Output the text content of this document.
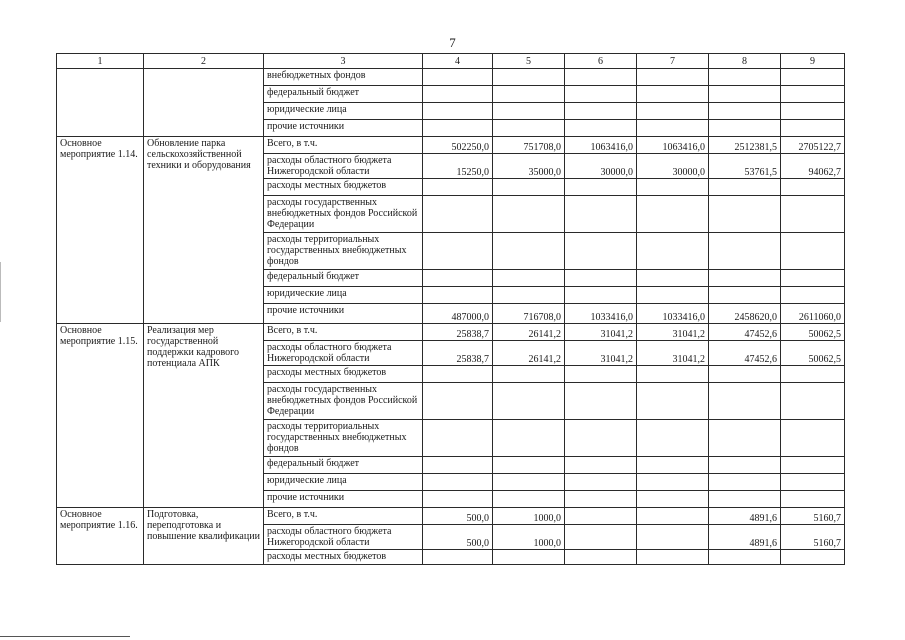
7
1	2	3	4	5	6	7	8	9
		внебюджетных фондов						
		федеральный бюджет						
		юридические лица						
		прочие источники						
Основное мероприятие 1.14.	Обновление парка сельскохозяйственной техники и оборудования	Всего, в т.ч.	502250,0	751708,0	1063416,0	1063416,0	2512381,5	2705122,7
		расходы областного бюджета Нижегородской области	15250,0	35000,0	30000,0	30000,0	53761,5	94062,7
		расходы местных бюджетов						
		расходы государственных внебюджетных фондов Российской Федерации						
		расходы территориальных государственных внебюджетных фондов						
		федеральный бюджет						
		юридические лица						
		прочие источники	487000,0	716708,0	1033416,0	1033416,0	2458620,0	2611060,0
Основное мероприятие 1.15.	Реализация мер государственной поддержки кадрового потенциала АПК	Всего, в т.ч.	25838,7	26141,2	31041,2	31041,2	47452,6	50062,5
		расходы областного бюджета Нижегородской области	25838,7	26141,2	31041,2	31041,2	47452,6	50062,5
		расходы местных бюджетов						
		расходы государственных внебюджетных фондов Российской Федерации						
		расходы территориальных государственных внебюджетных фондов						
		федеральный бюджет						
		юридические лица						
		прочие источники						
Основное мероприятие 1.16.	Подготовка, переподготовка и повышение квалификации	Всего, в т.ч.	500,0	1000,0			4891,6	5160,7
		расходы областного бюджета Нижегородской области	500,0	1000,0			4891,6	5160,7
		расходы местных бюджетов						
